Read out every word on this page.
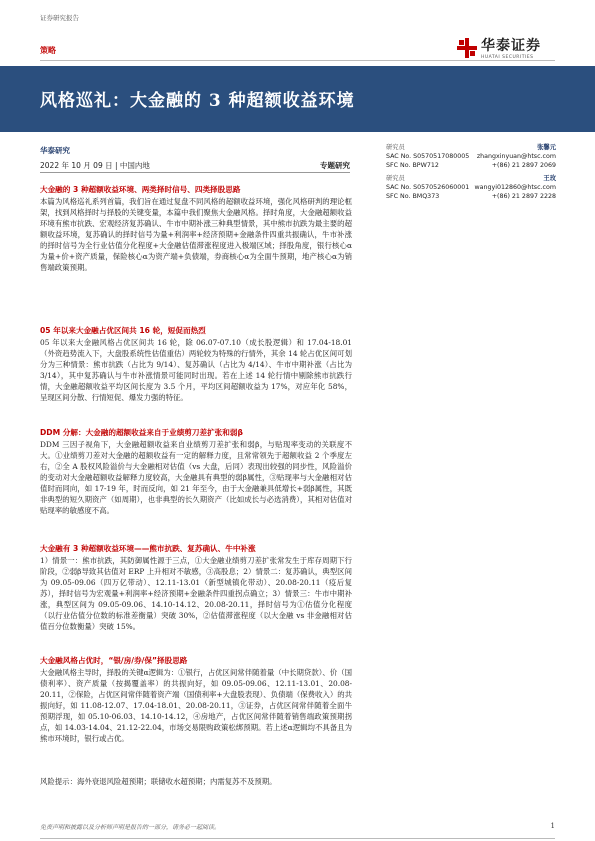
证券研究报告
策略	华泰证券
HUATAI SECURITIES
风格巡礼：大金融的 3 种超额收益环境
华泰研究
2022 年 10 月 09 日 | 中国内地	专题研究
研究员	张馨元
SAC No. S0570517080005 zhangxinyuan@htsc.com
SFC No. BPW712	+(86) 21 2897 2069
研究员	王玫
SAC No. S0570526060001 wangyi012860@htsc.com
SFC No. BMQ373	+(86) 21 2897 2228
大金融的 3 种超额收益环境、两类择时信号、四类择股思路

本篇为风格巡礼系列首篇，我们旨在通过复盘不同风格的超额收益环境，强化风格研判的理论框架，找到风格择时与择股的关键变量，本篇中我们聚焦大金融风格。择时角度，大金融超额收益环境有熊市抗跌、宏观经济复苏确认、牛市中期补涨三种典型情景，其中熊市抗跌为最主要的超额收益环境，复苏确认的择时信号为量+利润率+经济预期+金融条件四重共振确认，牛市补涨的择时信号为全行业估值分化程度+大金融估值滞涨程度进入极端区域；择股角度，银行核心α为量+价+资产质量，保险核心α为资产端+负债端，券商核心α为全面牛预期，地产核心α为销售端政策预期。

05 年以来大金融占优区间共 16 轮，短促而热烈

05 年以来大金融风格占优区间共 16 轮，除 06.07-07.10（成长股逻辑）和 17.04-18.01（外资趋势流入下，大盘股系统性估值重估）两轮较为特殊的行情外，其余 14 轮占优区间可划分为三种情景：熊市抗跌（占比为 9/14）、复苏确认（占比为 4/14）、牛市中期补涨（占比为 3/14），其中复苏确认与牛市补涨情景可能同时出现。若在上述 14 轮行情中剔除熊市抗跌行情，大金融超额收益平均区间长度为 3.5 个月，平均区间超额收益为 17%，对应年化 58%，呈现区间分散、行情短促、爆发力强的特征。

DDM 分解：大金融的超额收益来自于业绩剪刀差扩张和弱β

DDM 三因子视角下，大金融超额收益来自业绩剪刀差扩张和弱β，与贴现率变动的关联度不大。①业绩剪刀差对大金融的超额收益有一定的解释力度，且常常领先于超额收益 2 个季度左右，②全 A 股权风险溢价与大金融相对估值（vs 大盘，后同）表现出较强的同步性，风险溢价的变动对大金融超额收益解释力度较高，大金融具有典型的弱β属性，③贴现率与大金融相对估值时而同向，如 17-19 年，时而反向，如 21 年至今，由于大金融兼具低增长+弱β属性，其既非典型的短久期资产（如周期），也非典型的长久期资产（比如成长与必选消费），其相对估值对贴现率的敏感度不高。

大金融有 3 种超额收益环境——熊市抗跌、复苏确认、牛中补涨

1）情景一：熊市抗跌，其防御属性源于三点，①大金融业绩剪刀差扩张常发生于库存周期下行阶段，②弱β导致其估值对 ERP 上升相对不敏感，③高股息；2）情景二：复苏确认，典型区间为 09.05-09.06（四万亿带动）、12.11-13.01（新型城镇化带动）、20.08-20.11（疫后复苏），择时信号为宏观量+利润率+经济预期+金融条件四重拐点确立；3）情景三：牛市中期补涨，典型区间为 09.05-09.06、14.10-14.12、20.08-20.11，择时信号为①估值分化程度（以行业估值分位数的标准差衡量）突破 30%，②估值滞涨程度（以大金融 vs 非金融相对估值百分位数衡量）突破 15%。

大金融风格占优时，“银/房/券/保”择股思路

大金融风格主导时，择股的关键α逻辑为：①银行，占优区间常伴随着量（中长期贷款）、价（国债利率）、资产质量（按揭覆盖率）的共振向好，如 09.05-09.06、12.11-13.01、20.08-20.11，②保险，占优区间常伴随着资产端（国债利率+大盘股表现）、负债端（保费收入）的共振向好，如 11.08-12.07、17.04-18.01、20.08-20.11，③证券，占优区间常伴随着全面牛预期浮现，如 05.10-06.03、14.10-14.12，④房地产，占优区间常伴随着销售端政策预期拐点，如 14.03-14.04、21.12-22.04，市场交易限购政策松绑预期。若上述α逻辑均不具备且为熊市环境时，银行或占优。

风险提示：海外衰退风险超预期；联储收水超预期；内需复苏不及预期。

免责声明和披露以及分析师声明是报告的一部分，请务必一起阅读。	1
